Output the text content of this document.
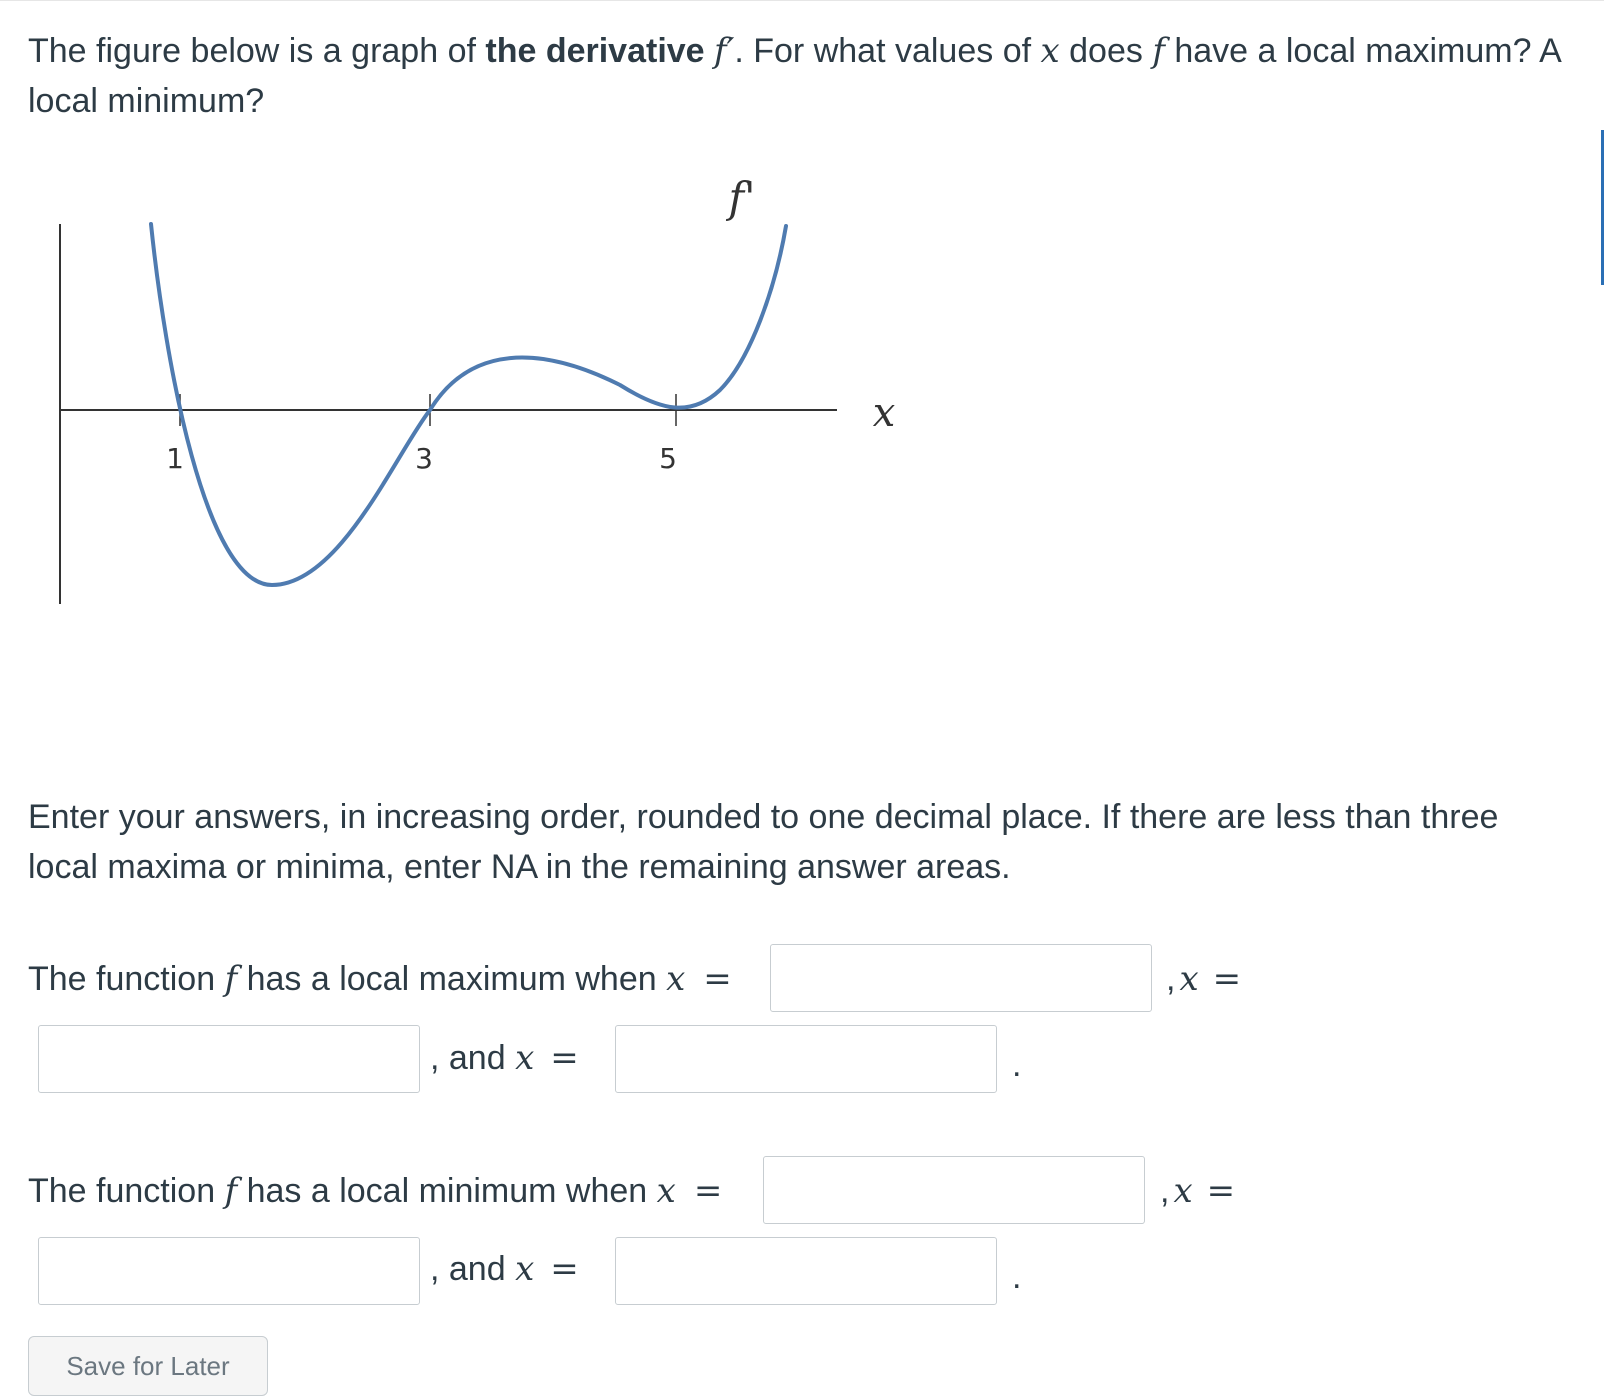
The figure below is a graph of the derivative f′. For what values of x does f have a local maximum? A local minimum?
1	3	5
f'
x
Enter your answers, in increasing order, rounded to one decimal place. If there are less than three local maxima or minima, enter NA in the remaining answer areas.
The function f has a local maximum when x =	, x =
, and x =	.
The function f has a local minimum when x =	, x =
, and x =	.
Save for Later
